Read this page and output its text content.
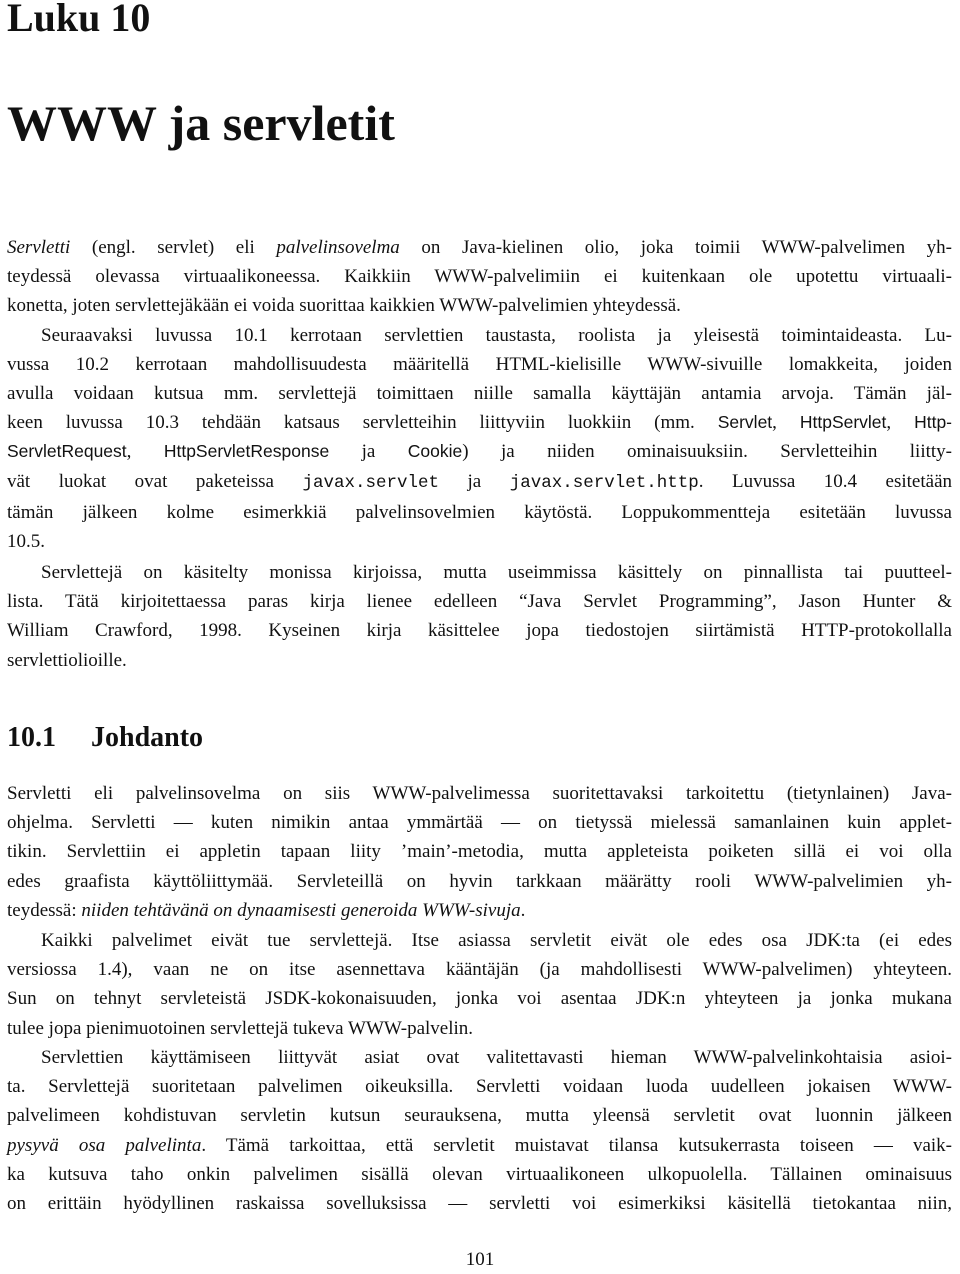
Luku 10
WWW ja servletit
Servletti (engl. servlet) eli palvelinsovelma on Java-kielinen olio, joka toimii WWW-palvelimen yh-
teydessä olevassa virtuaalikoneessa. Kaikkiin WWW-palvelimiin ei kuitenkaan ole upotettu virtuaali-
konetta, joten servlettejäkään ei voida suorittaa kaikkien WWW-palvelimien yhteydessä.
Seuraavaksi luvussa 10.1 kerrotaan servlettien taustasta, roolista ja yleisestä toimintaideasta. Lu-
vussa 10.2 kerrotaan mahdollisuudesta määritellä HTML-kielisille WWW-sivuille lomakkeita, joiden
avulla voidaan kutsua mm. servlettejä toimittaen niille samalla käyttäjän antamia arvoja. Tämän jäl-
keen luvussa 10.3 tehdään katsaus servletteihin liittyviin luokkiin (mm. Servlet, HttpServlet, Http-
ServletRequest, HttpServletResponse ja Cookie) ja niiden ominaisuuksiin. Servletteihin liitty-
vät luokat ovat paketeissa javax.servlet ja javax.servlet.http. Luvussa 10.4 esitetään
tämän jälkeen kolme esimerkkiä palvelinsovelmien käytöstä. Loppukommentteja esitetään luvussa
10.5.
Servlettejä on käsitelty monissa kirjoissa, mutta useimmissa käsittely on pinnallista tai puutteel-
lista. Tätä kirjoitettaessa paras kirja lienee edelleen “Java Servlet Programming”, Jason Hunter &
William Crawford, 1998. Kyseinen kirja käsittelee jopa tiedostojen siirtämistä HTTP-protokollalla
servlettiolioille.
10.1 Johdanto
Servletti eli palvelinsovelma on siis WWW-palvelimessa suoritettavaksi tarkoitettu (tietynlainen) Java-
ohjelma. Servletti — kuten nimikin antaa ymmärtää — on tietyssä mielessä samanlainen kuin applet-
tikin. Servlettiin ei appletin tapaan liity ’main’-metodia, mutta appleteista poiketen sillä ei voi olla
edes graafista käyttöliittymää. Servleteillä on hyvin tarkkaan määrätty rooli WWW-palvelimien yh-
teydessä: niiden tehtävänä on dynaamisesti generoida WWW-sivuja.
Kaikki palvelimet eivät tue servlettejä. Itse asiassa servletit eivät ole edes osa JDK:ta (ei edes
versiossa 1.4), vaan ne on itse asennettava kääntäjän (ja mahdollisesti WWW-palvelimen) yhteyteen.
Sun on tehnyt servleteistä JSDK-kokonaisuuden, jonka voi asentaa JDK:n yhteyteen ja jonka mukana
tulee jopa pienimuotoinen servlettejä tukeva WWW-palvelin.
Servlettien käyttämiseen liittyvät asiat ovat valitettavasti hieman WWW-palvelinkohtaisia asioi-
ta. Servlettejä suoritetaan palvelimen oikeuksilla. Servletti voidaan luoda uudelleen jokaisen WWW-
palvelimeen kohdistuvan servletin kutsun seurauksena, mutta yleensä servletit ovat luonnin jälkeen
pysyvä osa palvelinta. Tämä tarkoittaa, että servletit muistavat tilansa kutsukerrasta toiseen — vaik-
ka kutsuva taho onkin palvelimen sisällä olevan virtuaalikoneen ulkopuolella. Tällainen ominaisuus
on erittäin hyödyllinen raskaissa sovelluksissa — servletti voi esimerkiksi käsitellä tietokantaa niin,
101
